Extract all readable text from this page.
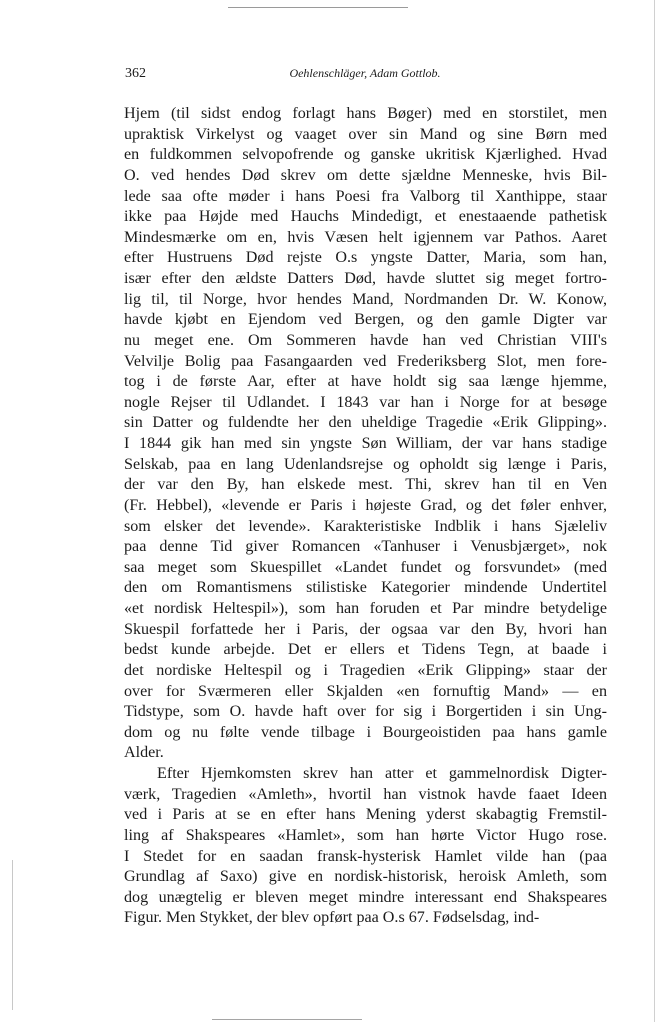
362	Oehlenschläger, Adam Gottlob.
Hjem (til sidst endog forlagt hans Bøger) med en storstilet, men
upraktisk Virkelyst og vaaget over sin Mand og sine Børn med
en fuldkommen selvopofrende og ganske ukritisk Kjærlighed. Hvad
O. ved hendes Død skrev om dette sjældne Menneske, hvis Bil-
lede saa ofte møder i hans Poesi fra Valborg til Xanthippe, staar
ikke paa Højde med Hauchs Mindedigt, et enestaaende pathetisk
Mindesmærke om en, hvis Væsen helt igjennem var Pathos. Aaret
efter Hustruens Død rejste O.s yngste Datter, Maria, som han,
især efter den ældste Datters Død, havde sluttet sig meget fortro-
lig til, til Norge, hvor hendes Mand, Nordmanden Dr. W. Konow,
havde kjøbt en Ejendom ved Bergen, og den gamle Digter var
nu meget ene. Om Sommeren havde han ved Christian VIII's
Velvilje Bolig paa Fasangaarden ved Frederiksberg Slot, men fore-
tog i de første Aar, efter at have holdt sig saa længe hjemme,
nogle Rejser til Udlandet. I 1843 var han i Norge for at besøge
sin Datter og fuldendte her den uheldige Tragedie «Erik Glipping».
I 1844 gik han med sin yngste Søn William, der var hans stadige
Selskab, paa en lang Udenlandsrejse og opholdt sig længe i Paris,
der var den By, han elskede mest. Thi, skrev han til en Ven
(Fr. Hebbel), «levende er Paris i højeste Grad, og det føler enhver,
som elsker det levende». Karakteristiske Indblik i hans Sjæleliv
paa denne Tid giver Romancen «Tanhuser i Venusbjærget», nok
saa meget som Skuespillet «Landet fundet og forsvundet» (med
den om Romantismens stilistiske Kategorier mindende Undertitel
«et nordisk Heltespil»), som han foruden et Par mindre betydelige
Skuespil forfattede her i Paris, der ogsaa var den By, hvori han
bedst kunde arbejde. Det er ellers et Tidens Tegn, at baade i
det nordiske Heltespil og i Tragedien «Erik Glipping» staar der
over for Sværmeren eller Skjalden «en fornuftig Mand» — en
Tidstype, som O. havde haft over for sig i Borgertiden i sin Ung-
dom og nu følte vende tilbage i Bourgeoistiden paa hans gamle
Alder.
Efter Hjemkomsten skrev han atter et gammelnordisk Digter-
værk, Tragedien «Amleth», hvortil han vistnok havde faaet Ideen
ved i Paris at se en efter hans Mening yderst skabagtig Fremstil-
ling af Shakspeares «Hamlet», som han hørte Victor Hugo rose.
I Stedet for en saadan fransk-hysterisk Hamlet vilde han (paa
Grundlag af Saxo) give en nordisk-historisk, heroisk Amleth, som
dog unægtelig er bleven meget mindre interessant end Shakspeares
Figur. Men Stykket, der blev opført paa O.s 67. Fødselsdag, ind-
